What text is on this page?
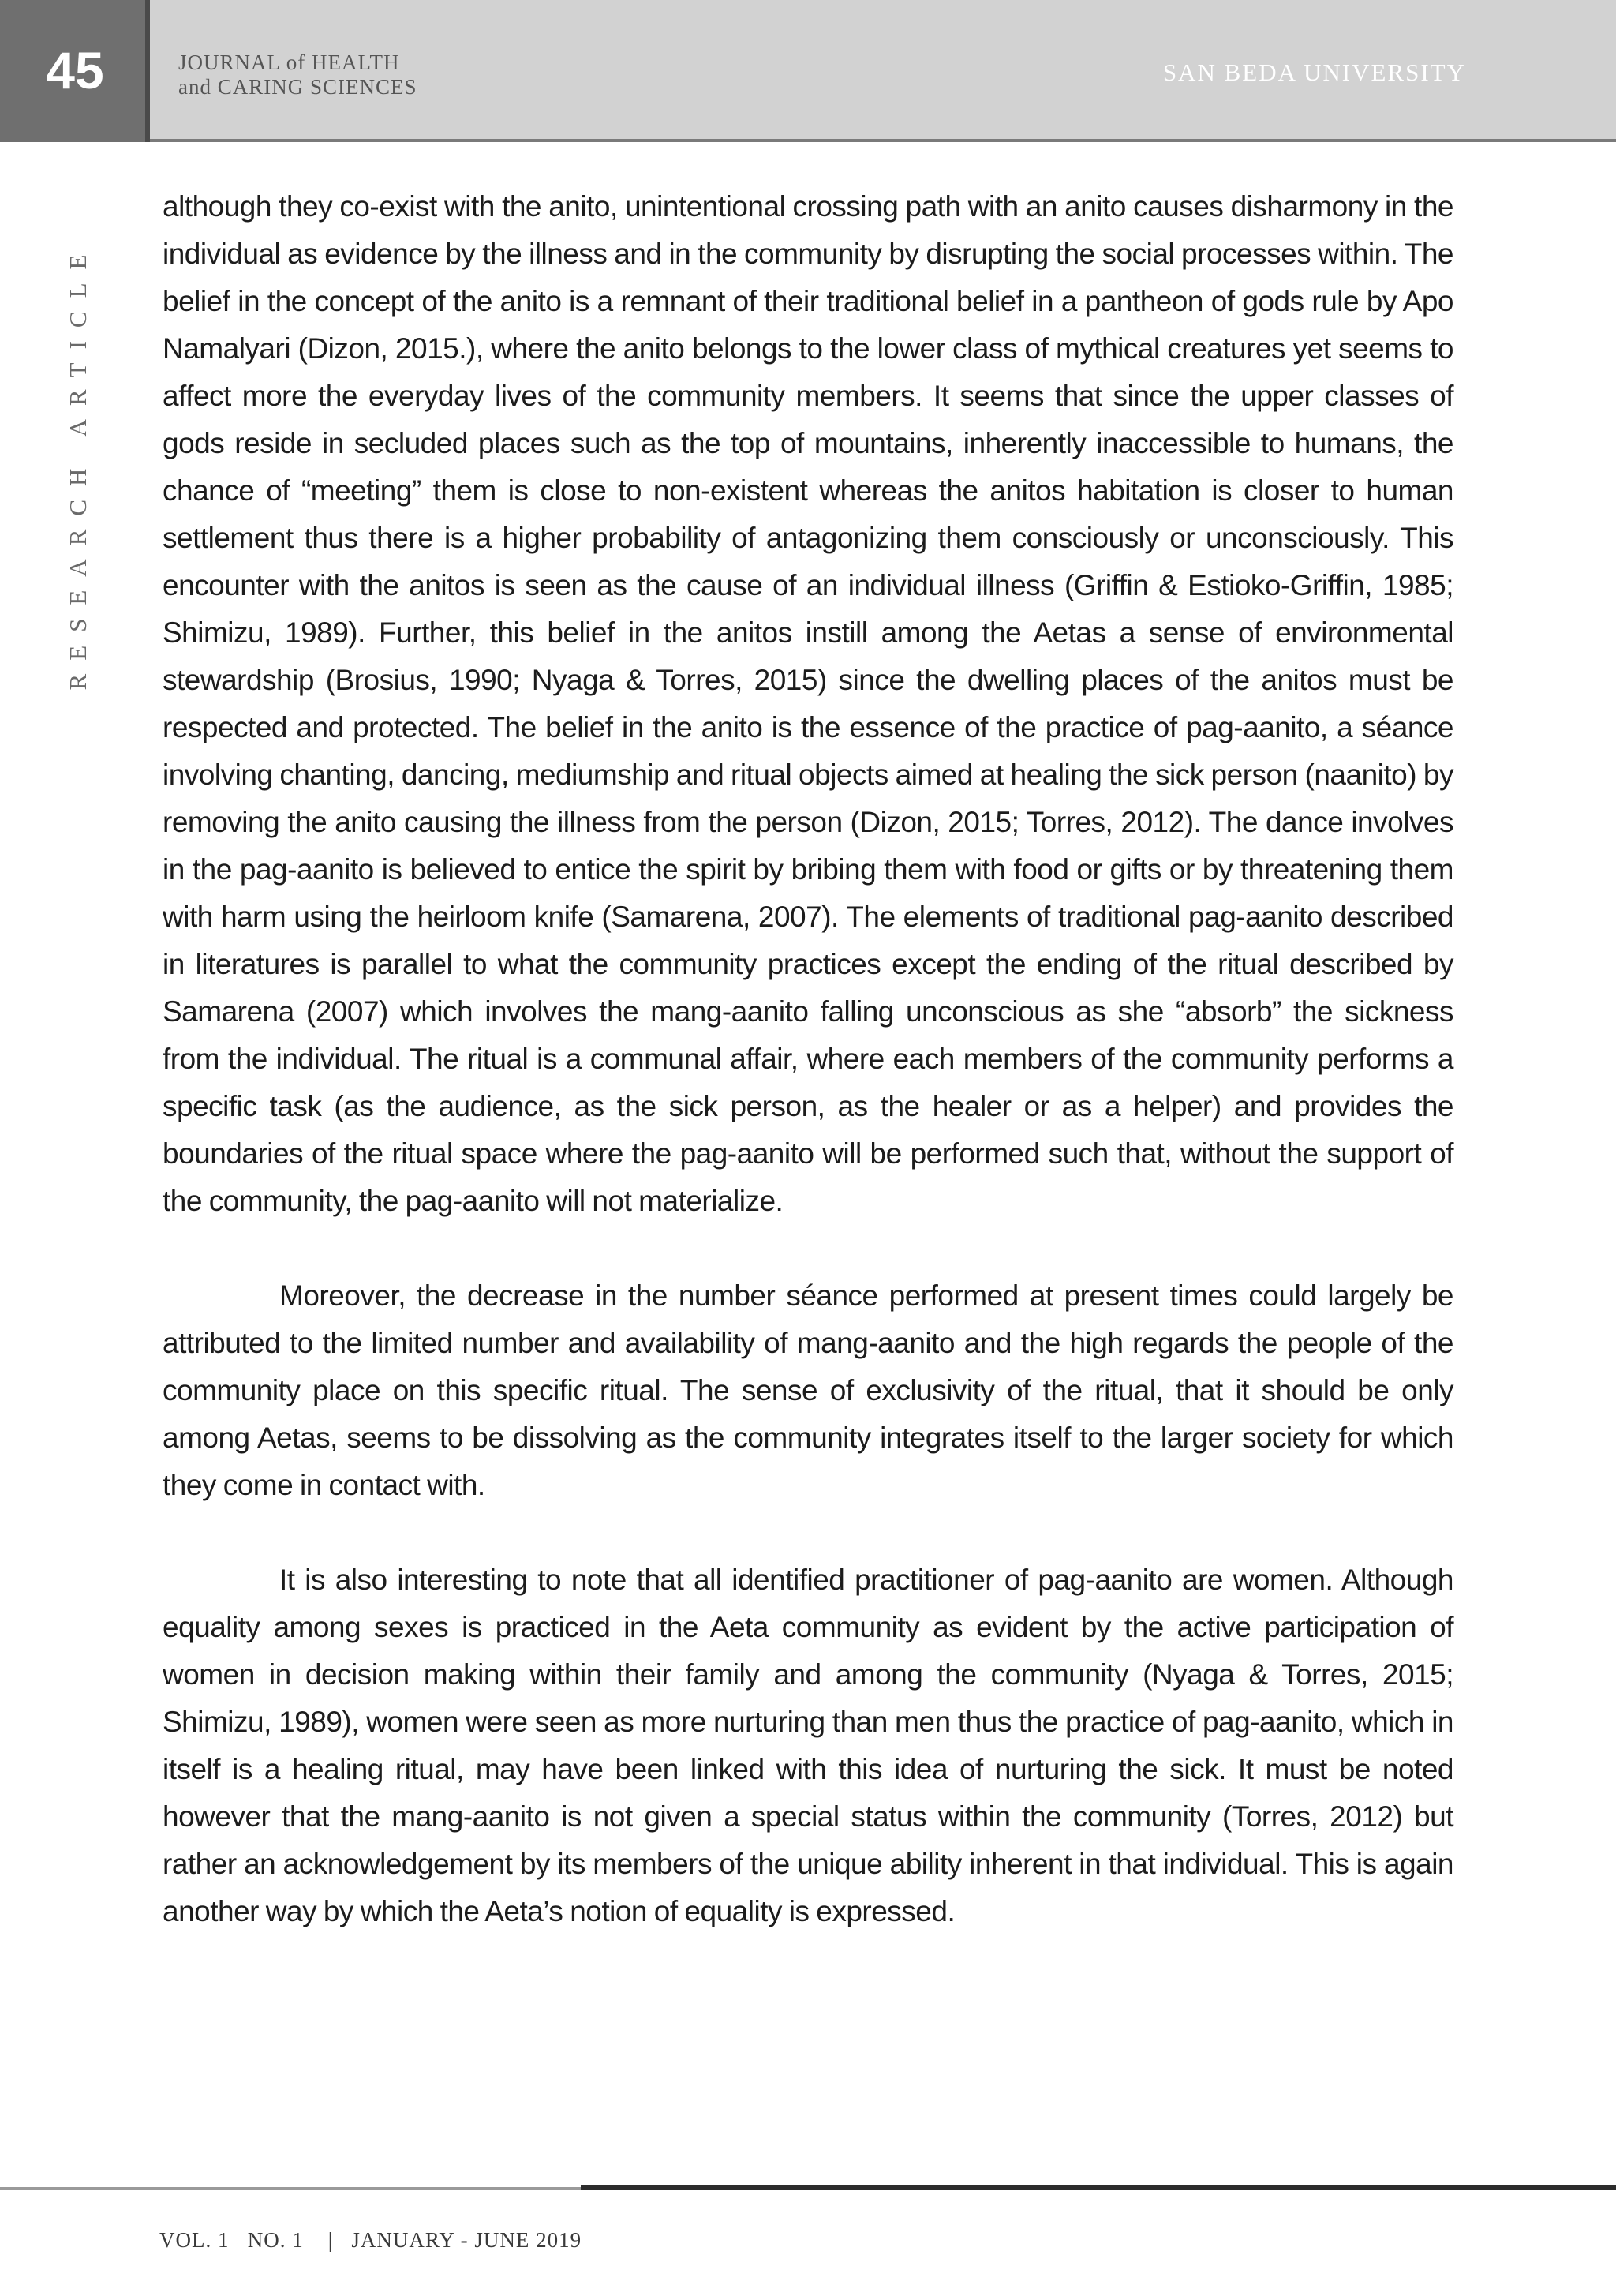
45	JOURNAL of HEALTH
and CARING SCIENCES
SAN BEDA UNIVERSITY
RESEARCH ARTICLE

although they co-exist with the anito, unintentional crossing path with an anito causes disharmony in the individual as evidence by the illness and in the community by disrupting the social processes within. The belief in the concept of the anito is a remnant of their traditional belief in a pantheon of gods rule by Apo Namalyari (Dizon, 2015.), where the anito belongs to the lower class of mythical creatures yet seems to affect more the everyday lives of the community members. It seems that since the upper classes of gods reside in secluded places such as the top of mountains, inherently inaccessible to humans, the chance of “meeting” them is close to non-existent whereas the anitos habitation is closer to human settlement thus there is a higher probability of antagonizing them consciously or unconsciously. This encounter with the anitos is seen as the cause of an individual illness (Griffin & Estioko-Griffin, 1985; Shimizu, 1989). Further, this belief in the anitos instill among the Aetas a sense of environmental stewardship (Brosius, 1990; Nyaga & Torres, 2015) since the dwelling places of the anitos must be respected and protected. The belief in the anito is the essence of the practice of pag-aanito, a séance involving chanting, dancing, mediumship and ritual objects aimed at healing the sick person (naanito) by removing the anito causing the illness from the person (Dizon, 2015; Torres, 2012). The dance involves in the pag-aanito is believed to entice the spirit by bribing them with food or gifts or by threatening them with harm using the heirloom knife (Samarena, 2007). The elements of traditional pag-aanito described in literatures is parallel to what the community practices except the ending of the ritual described by Samarena (2007) which involves the mang-aanito falling unconscious as she “absorb” the sickness from the individual. The ritual is a communal affair, where each members of the community performs a specific task (as the audience, as the sick person, as the healer or as a helper) and provides the boundaries of the ritual space where the pag-aanito will be performed such that, without the support of the community, the pag-aanito will not materialize.

Moreover, the decrease in the number séance performed at present times could largely be attributed to the limited number and availability of mang-aanito and the high regards the people of the community place on this specific ritual. The sense of exclusivity of the ritual, that it should be only among Aetas, seems to be dissolving as the community integrates itself to the larger society for which they come in contact with.

It is also interesting to note that all identified practitioner of pag-aanito are women. Although equality among sexes is practiced in the Aeta community as evident by the active participation of women in decision making within their family and among the community (Nyaga & Torres, 2015; Shimizu, 1989), women were seen as more nurturing than men thus the practice of pag-aanito, which in itself is a healing ritual, may have been linked with this idea of nurturing the sick. It must be noted however that the mang-aanito is not given a special status within the community (Torres, 2012) but rather an acknowledgement by its members of the unique ability inherent in that individual. This is again another way by which the Aeta’s notion of equality is expressed.

VOL. 1   NO. 1    |   JANUARY - JUNE 2019
